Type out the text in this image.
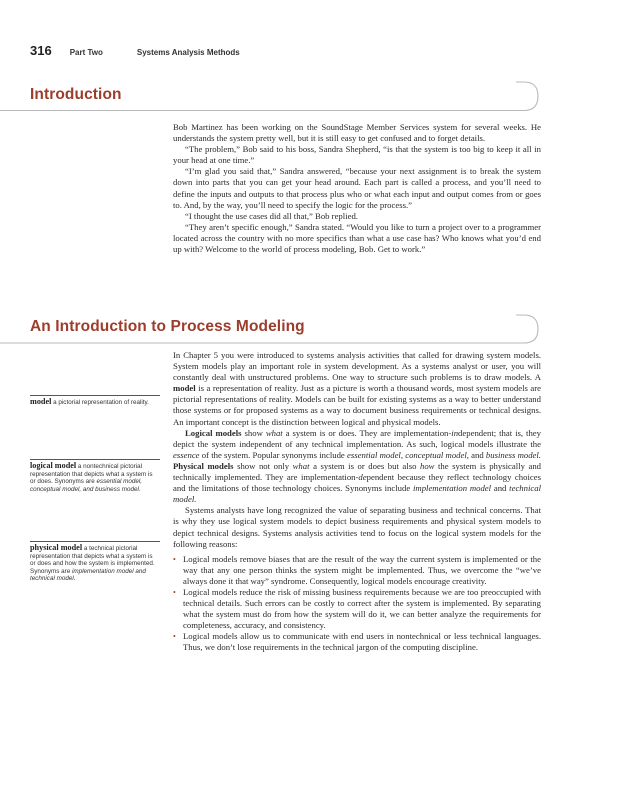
316 Part Two	Systems Analysis Methods
Introduction

Bob Martinez has been working on the SoundStage Member Services system for several weeks. He understands the system pretty well, but it is still easy to get confused and to forget details.

“The problem,” Bob said to his boss, Sandra Shepherd, “is that the system is too big to keep it all in your head at one time.”

“I’m glad you said that,” Sandra answered, “because your next assignment is to break the system down into parts that you can get your head around. Each part is called a process, and you’ll need to define the inputs and outputs to that process plus who or what each input and output comes from or goes to. And, by the way, you’ll need to specify the logic for the process.”

“I thought the use cases did all that,” Bob replied.

“They aren’t specific enough,” Sandra stated. “Would you like to turn a project over to a programmer located across the country with no more specifics than what a use case has? Who knows what you’d end up with? Welcome to the world of process modeling, Bob. Get to work.”

An Introduction to Process Modeling
model a pictorial representation of reality.
logical model a nontechnical pictorial representation that depicts what a system is or does. Synonyms are essential model, conceptual model, and business model.
physical model a technical pictorial representation that depicts what a system is or does and how the system is implemented. Synonyms are implementation model and technical model.

In Chapter 5 you were introduced to systems analysis activities that called for drawing system models. System models play an important role in system development. As a systems analyst or user, you will constantly deal with unstructured problems. One way to structure such problems is to draw models. A model is a representation of reality. Just as a picture is worth a thousand words, most system models are pictorial representations of reality. Models can be built for existing systems as a way to better understand those systems or for proposed systems as a way to document business requirements or technical designs. An important concept is the distinction between logical and physical models.

Logical models show what a system is or does. They are implementation-independent; that is, they depict the system independent of any technical implementation. As such, logical models illustrate the essence of the system. Popular synonyms include essential model, conceptual model, and business model. Physical models show not only what a system is or does but also how the system is physically and technically implemented. They are implementation-dependent because they reflect technology choices and the limitations of those technology choices. Synonyms include implementation model and technical model.

Systems analysts have long recognized the value of separating business and technical concerns. That is why they use logical system models to depict business requirements and physical system models to depict technical designs. Systems analysis activities tend to focus on the logical system models for the following reasons:

• Logical models remove biases that are the result of the way the current system is implemented or the way that any one person thinks the system might be implemented. Thus, we overcome the “we’ve always done it that way” syndrome. Consequently, logical models encourage creativity.
• Logical models reduce the risk of missing business requirements because we are too preoccupied with technical details. Such errors can be costly to correct after the system is implemented. By separating what the system must do from how the system will do it, we can better analyze the requirements for completeness, accuracy, and consistency.
• Logical models allow us to communicate with end users in nontechnical or less technical languages. Thus, we don’t lose requirements in the technical jargon of the computing discipline.
